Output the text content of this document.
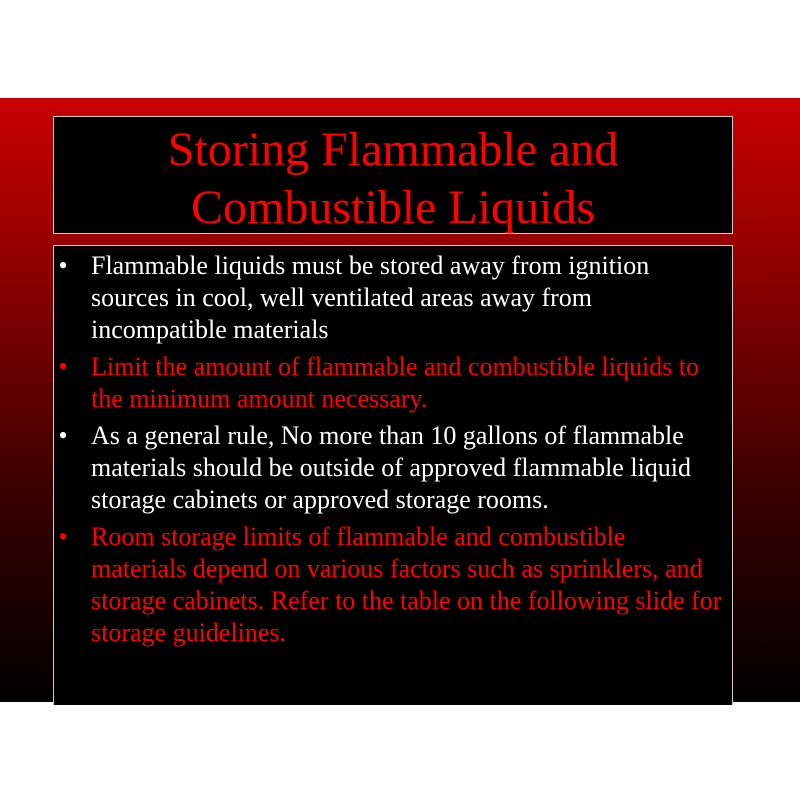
Storing Flammable and Combustible Liquids
• Flammable liquids must be stored away from ignition sources in cool, well ventilated areas away from incompatible materials
• Limit the amount of flammable and combustible liquids to the minimum amount necessary.
• As a general rule, No more than 10 gallons of flammable materials should be outside of approved flammable liquid storage cabinets or approved storage rooms.
• Room storage limits of flammable and combustible materials depend on various factors such as sprinklers, and storage cabinets. Refer to the table on the following slide for storage guidelines.
